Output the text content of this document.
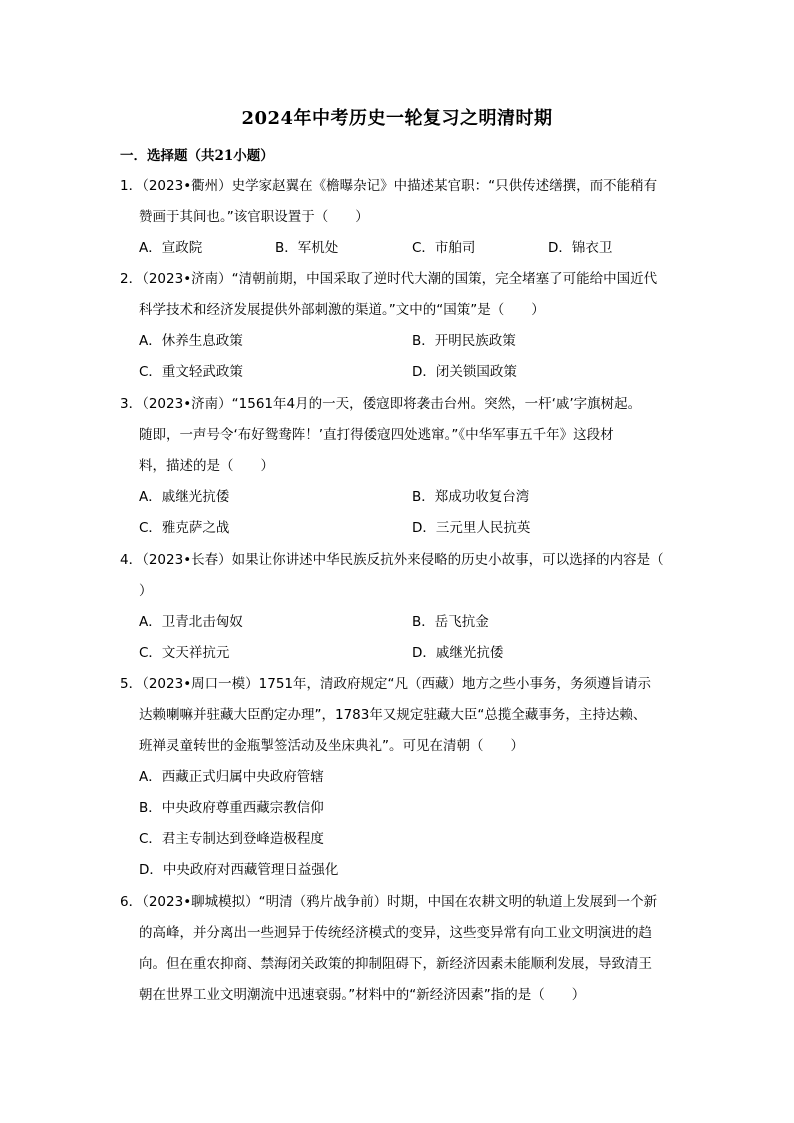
2024年中考历史一轮复习之明清时期
一．选择题（共21小题）
1．（2023•衢州）史学家赵翼在《檐曝杂记》中描述某官职：“只供传述缮撰，而不能稍有
赞画于其间也。”该官职设置于（　　）
A．宣政院	B．军机处	C．市舶司	D．锦衣卫
2．（2023•济南）“清朝前期，中国采取了逆时代大潮的国策，完全堵塞了可能给中国近代
科学技术和经济发展提供外部刺激的渠道。”文中的“国策”是（　　）
A．休养生息政策	B．开明民族政策
C．重文轻武政策	D．闭关锁国政策
3．（2023•济南）“1561年4月的一天，倭寇即将袭击台州。突然，一杆‘戚’字旗树起。
随即，一声号令‘布好鸳鸯阵！’直打得倭寇四处逃窜。”《中华军事五千年》这段材
料，描述的是（　　）
A．戚继光抗倭	B．郑成功收复台湾
C．雅克萨之战	D．三元里人民抗英
4．（2023•长春）如果让你讲述中华民族反抗外来侵略的历史小故事，可以选择的内容是（
）
A．卫青北击匈奴	B．岳飞抗金
C．文天祥抗元	D．戚继光抗倭
5．（2023•周口一模）1751年，清政府规定“凡（西藏）地方之些小事务，务须遵旨请示
达赖喇嘛并驻藏大臣酌定办理”，1783年又规定驻藏大臣“总揽全藏事务，主持达赖、
班禅灵童转世的金瓶掣签活动及坐床典礼”。可见在清朝（　　）
A．西藏正式归属中央政府管辖
B．中央政府尊重西藏宗教信仰
C．君主专制达到登峰造极程度
D．中央政府对西藏管理日益强化
6．（2023•聊城模拟）“明清（鸦片战争前）时期，中国在农耕文明的轨道上发展到一个新
的高峰，并分离出一些迥异于传统经济模式的变异，这些变异常有向工业文明演进的趋
向。但在重农抑商、禁海闭关政策的抑制阻碍下，新经济因素未能顺利发展，导致清王
朝在世界工业文明潮流中迅速衰弱。”材料中的“新经济因素”指的是（　　）
